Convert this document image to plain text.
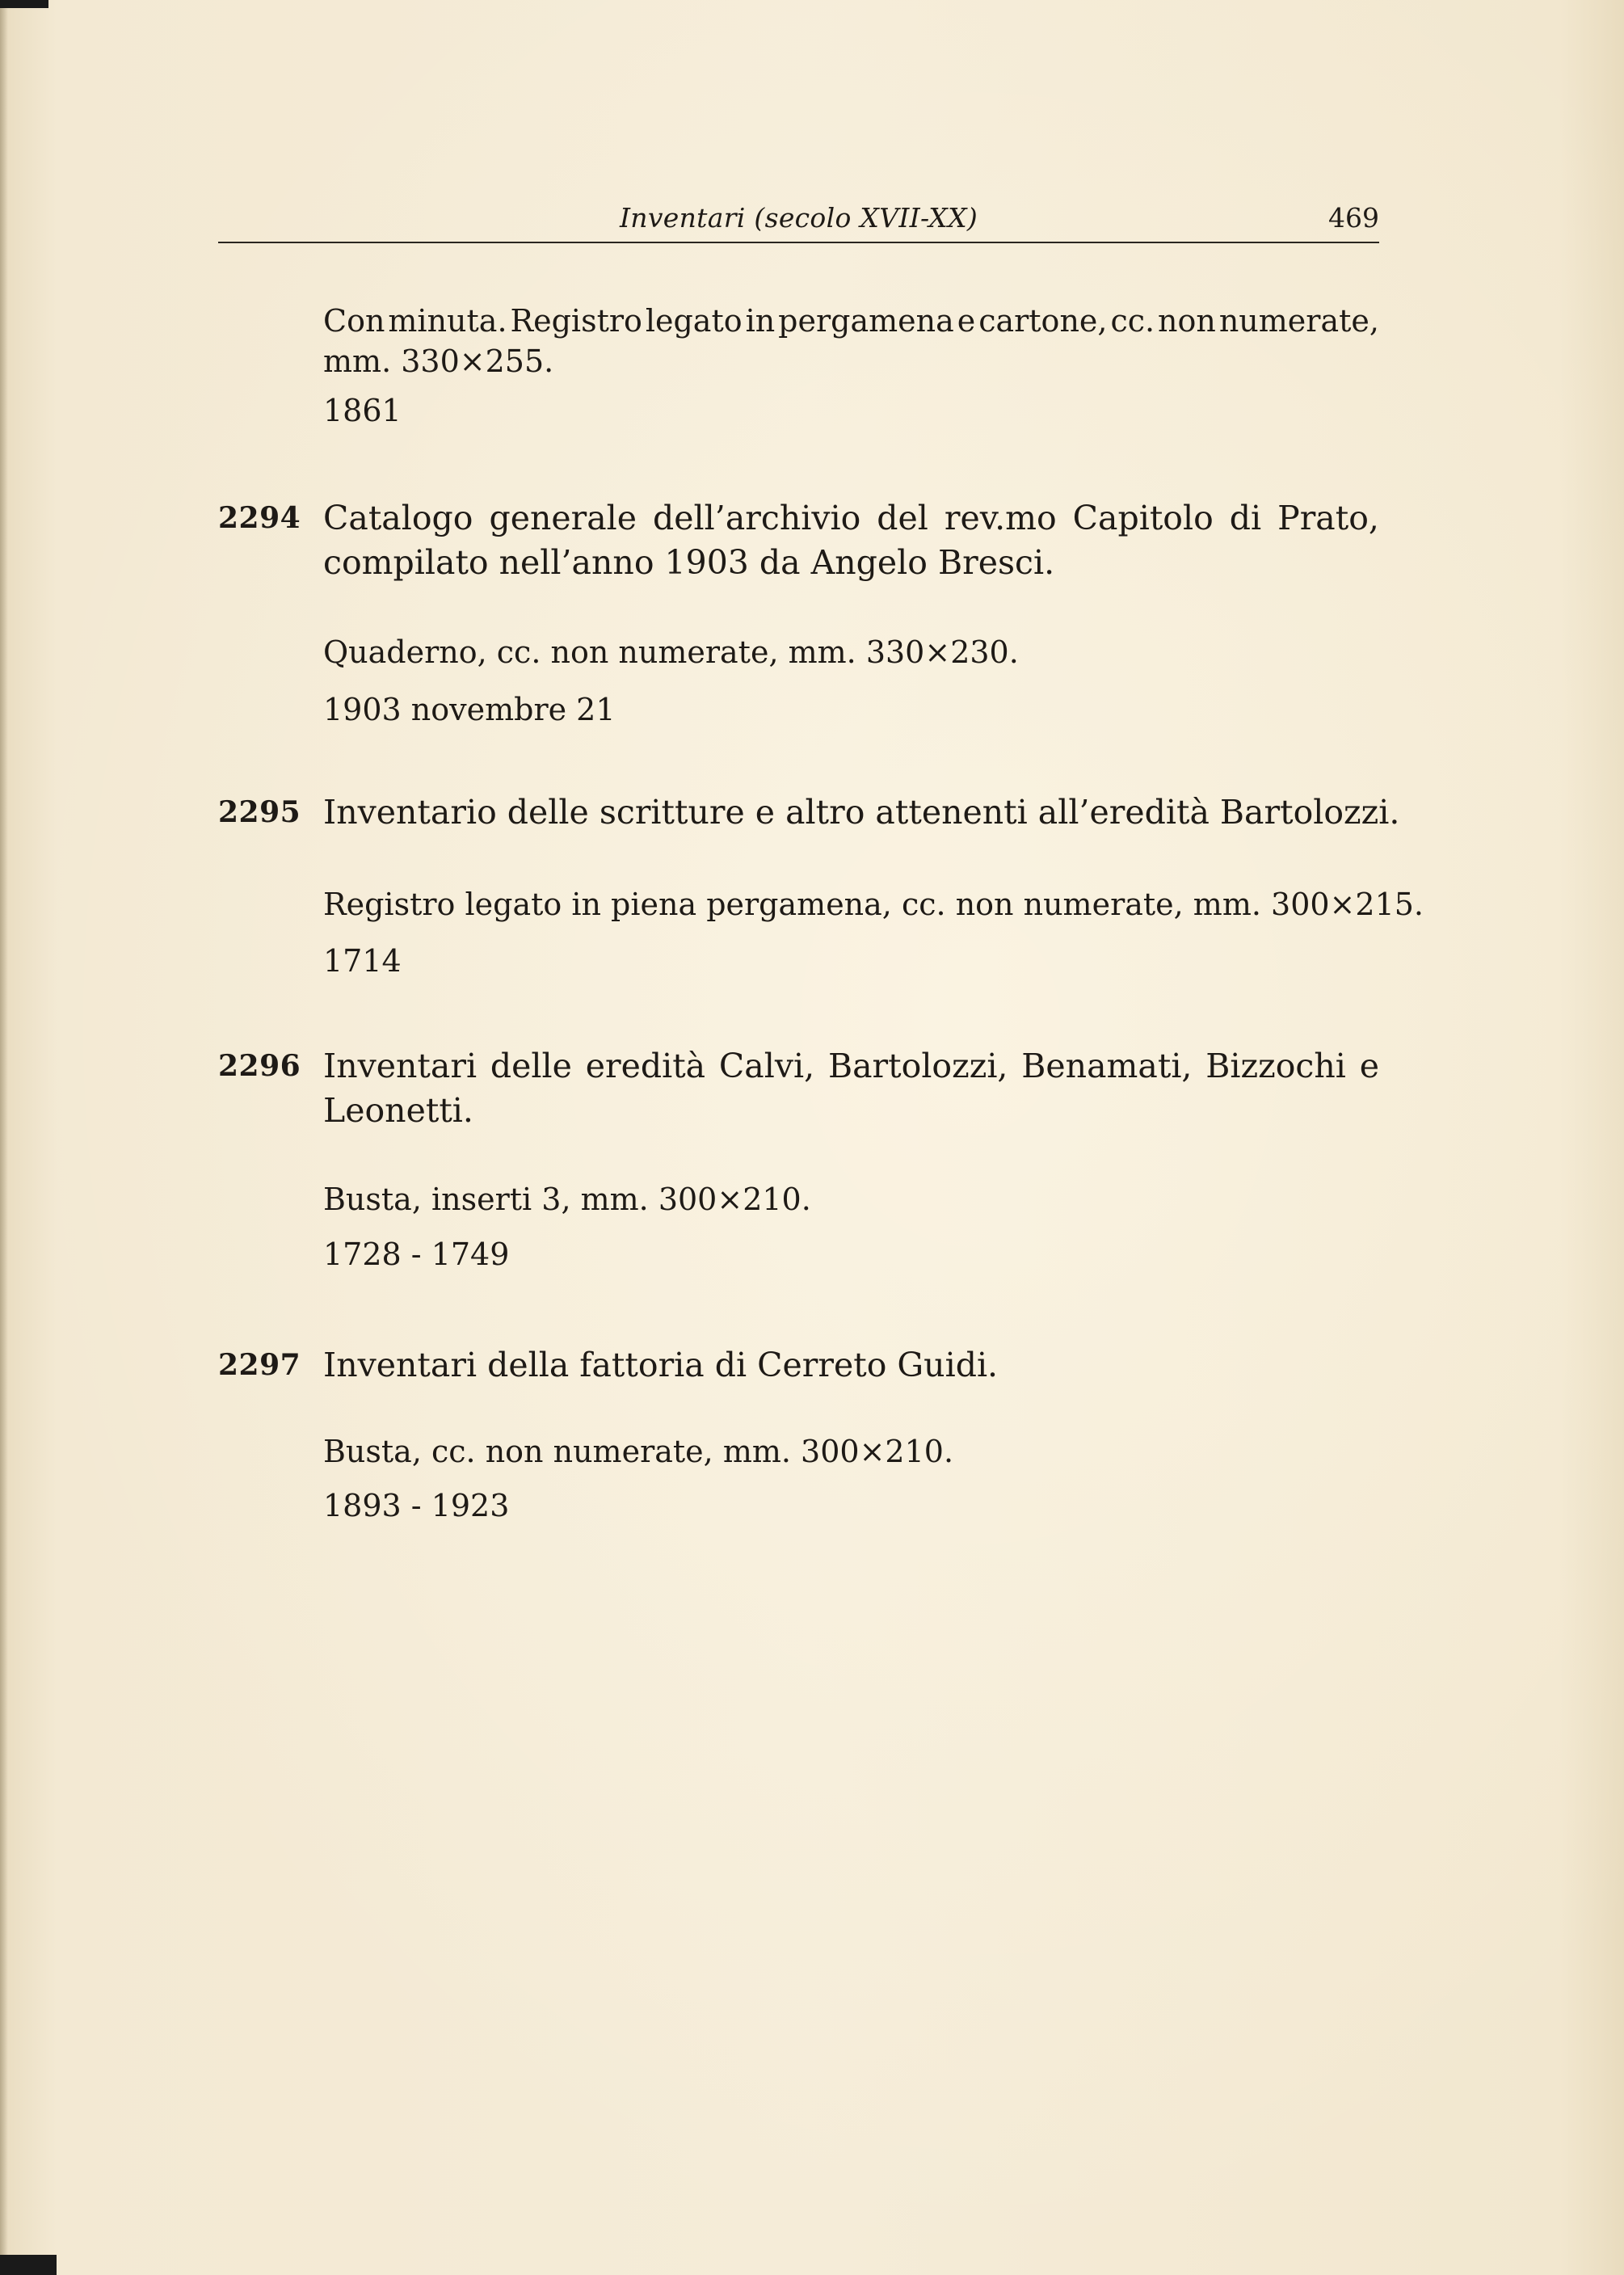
Inventari (secolo XVII-XX)	469
Con minuta. Registro legato in pergamena e cartone, cc. non numerate,
mm. 330×255.
1861
2294 Catalogo generale dell’archivio del rev.mo Capitolo di Prato,
compilato nell’anno 1903 da Angelo Bresci.
Quaderno, cc. non numerate, mm. 330×230.
1903 novembre 21
2295 Inventario delle scritture e altro attenenti all’eredità Bartolozzi.
Registro legato in piena pergamena, cc. non numerate, mm. 300×215.
1714
2296 Inventari delle eredità Calvi, Bartolozzi, Benamati, Bizzochi e
Leonetti.
Busta, inserti 3, mm. 300×210.
1728 - 1749
2297 Inventari della fattoria di Cerreto Guidi.
Busta, cc. non numerate, mm. 300×210.
1893 - 1923
